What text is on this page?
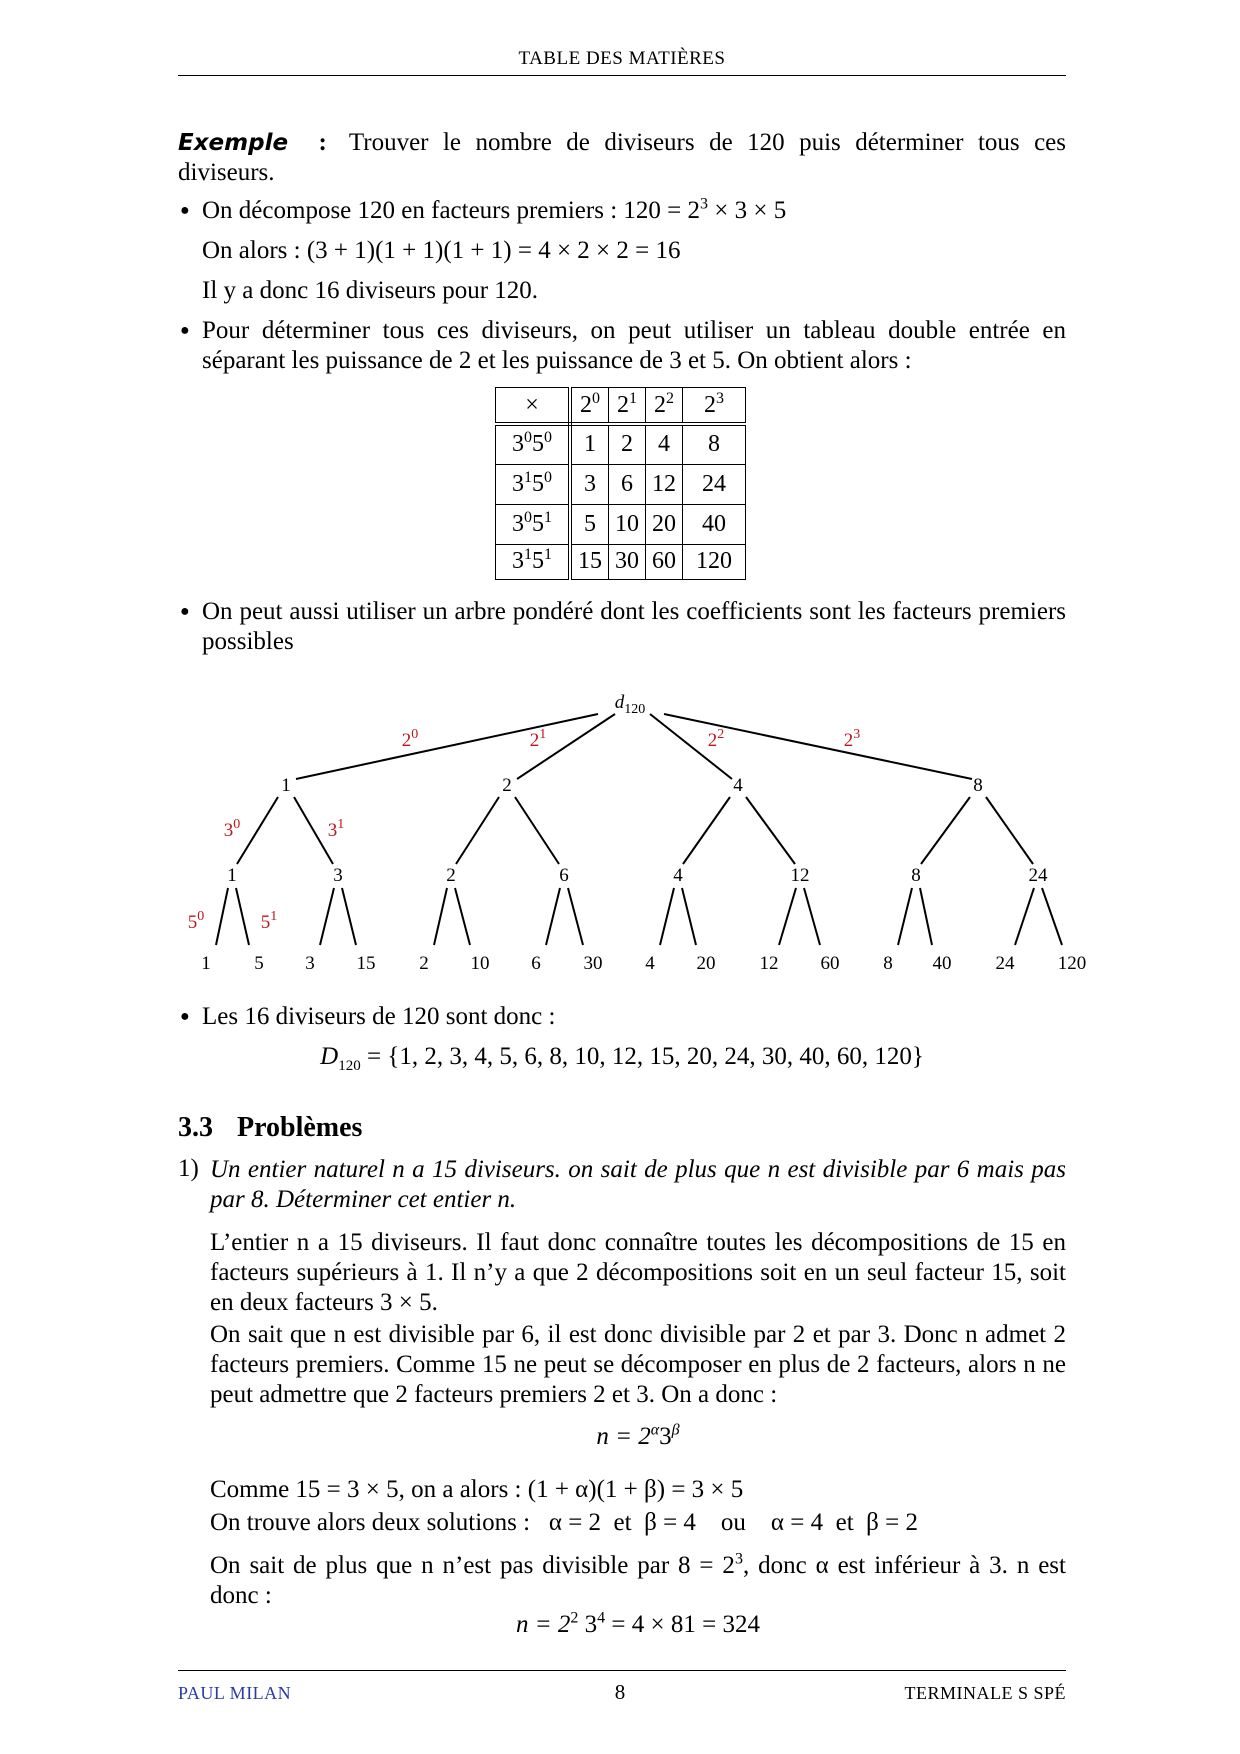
TABLE DES MATIÈRES
Exemple : Trouver le nombre de diviseurs de 120 puis déterminer tous ces diviseurs.
● On décompose 120 en facteurs premiers : $120 = 2^3 \times 3 \times 5$
On alors : (3 + 1)(1 + 1)(1 + 1) = 4 × 2 × 2 = 16
Il y a donc 16 diviseurs pour 120.
● Pour déterminer tous ces diviseurs, on peut utiliser un tableau double entrée en séparant les puissance de 2 et les puissance de 3 et 5. On obtient alors :
×	$2^0$	$2^1$	$2^2$	$2^3$
$3^05^0$	1	2	4	8
$3^15^0$	3	6	12	24
$3^05^1$	5	10	20	40
$3^15^1$	15	30	60	120
● On peut aussi utiliser un arbre pondéré dont les coefficients sont les facteurs premiers possibles
$d_{120}$
1	2	4	8
$2^0$	$2^1$	$2^2$	$2^3$
1	3	2	6	4	12	8	24
$3^0$	$3^1$
1 5 3 15 2 10 6 30 4 20 12 60 8 40 24 120
$5^0$	$5^1$
● Les 16 diviseurs de 120 sont donc :
$D_{120} = \{1$, 2, 3, 4, 5, 6, 8, 10, 12, 15, 20, 24, 30, 40, 60, 120}
3.3 Problèmes
1) Un entier naturel n a 15 diviseurs. on sait de plus que n est divisible par 6 mais pas par 8. Déterminer cet entier n.
L’entier n a 15 diviseurs. Il faut donc connaître toutes les décompositions de 15 en facteurs supérieurs à 1. Il n’y a que 2 décompositions soit en un seul facteur 15, soit en deux facteurs 3 × 5.
On sait que n est divisible par 6, il est donc divisible par 2 et par 3. Donc n admet 2 facteurs premiers. Comme 15 ne peut se décomposer en plus de 2 facteurs, alors n ne peut admettre que 2 facteurs premiers 2 et 3. On a donc :
$n = 2^\alpha 3^\beta$
Comme 15 = 3 × 5, on a alors : (1 + α)(1 + β) = 3 × 5
On trouve alors deux solutions :   α = 2  et  β = 4    ou    α = 4  et  β = 2
On sait de plus que n n’est pas divisible par $8 = 2^3$, donc α est inférieur à 3. n est donc :
$n = 2^2$ $3^4 = 4 \times 81 = 324$
PAUL MILAN	8	TERMINALE S SPÉ
